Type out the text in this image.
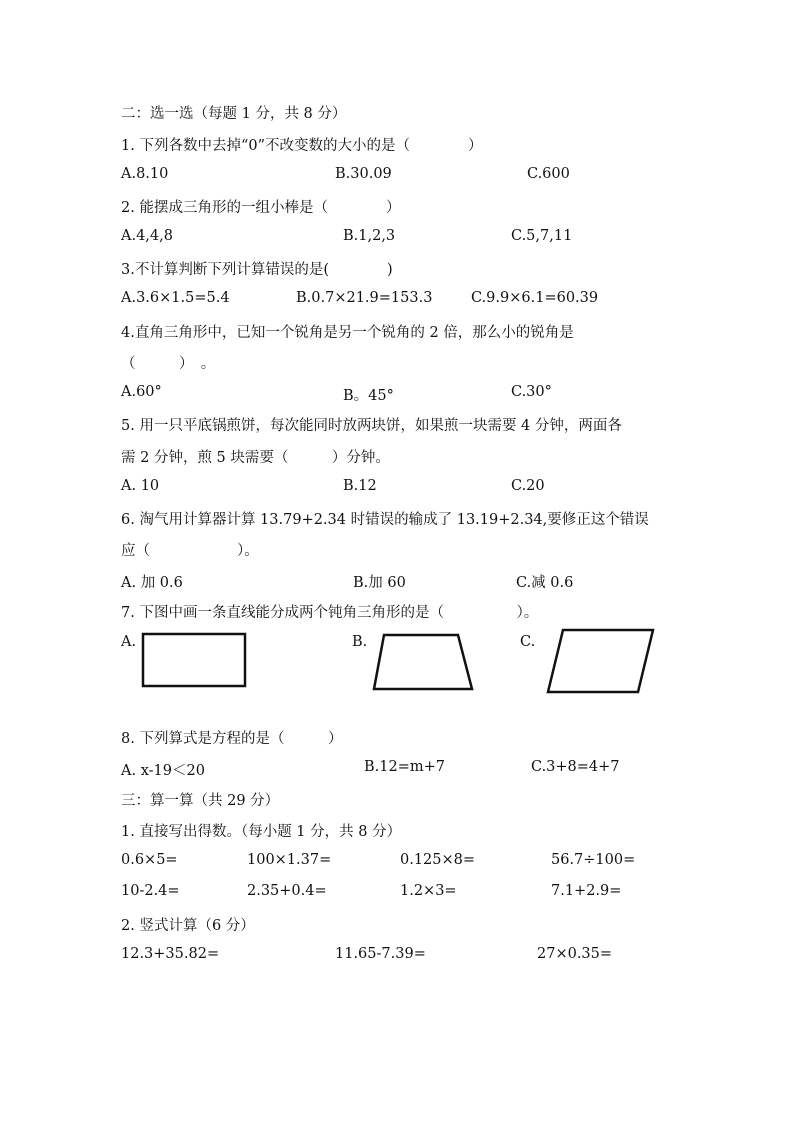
二：选一选（每题 1 分，共 8 分）
1. 下列各数中去掉“0”不改变数的大小的是（　　　　）
A.8.10	B.30.09	C.600
2. 能摆成三角形的一组小棒是（　　　　）
A.4,4,8	B.1,2,3	C.5,7,11
3.不计算判断下列计算错误的是(　　　　)
A.3.6×1.5=5.4	B.0.7×21.9=153.3	C.9.9×6.1=60.39
4.直角三角形中，已知一个锐角是另一个锐角的 2 倍，那么小的锐角是
（　　　）　。
A.60°	B。45°	C.30°
5. 用一只平底锅煎饼，每次能同时放两块饼，如果煎一块需要 4 分钟，两面各
需 2 分钟，煎 5 块需要（　　　）分钟。
A. 10	B.12	C.20
6. 淘气用计算器计算 13.79+2.34 时错误的输成了 13.19+2.34,要修正这个错误
应（　　　　　　）。
A. 加 0.6	B.加 60	C.减 0.6
7. 下图中画一条直线能分成两个钝角三角形的是（　　　　　）。
A.	B.	C.
8. 下列算式是方程的是（　　　）
A. x-19＜20	B.12=m+7	C.3+8=4+7
三：算一算（共 29 分）
1. 直接写出得数。（每小题 1 分，共 8 分）
0.6×5=	100×1.37=	0.125×8=	56.7÷100=
10-2.4=	2.35+0.4=	1.2×3=	7.1+2.9=
2. 竖式计算（6 分）
12.3+35.82=	11.65-7.39=	27×0.35=
